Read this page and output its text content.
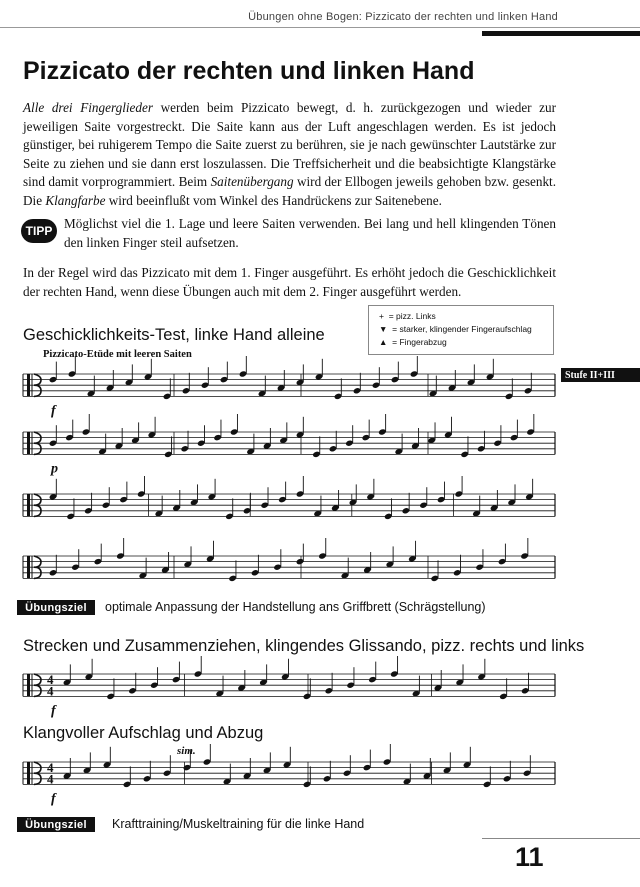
Übungen ohne Bogen: Pizzicato der rechten und linken Hand
Pizzicato der rechten und linken Hand
Alle drei Fingerglieder werden beim Pizzicato bewegt, d. h. zurückgezogen und wieder zur jeweiligen Saite vorgestreckt. Die Saite kann aus der Luft angeschlagen werden. Es ist jedoch günstiger, bei ruhigerem Tempo die Saite zuerst zu berühren, sie je nach gewünschter Lautstärke zur Seite zu ziehen und sie dann erst loszulassen. Die Treffsicherheit und die beabsichtigte Klangstärke sind damit vorprogrammiert. Beim Saitenübergang wird der Ellbogen jeweils gehoben bzw. gesenkt. Die Klangfarbe wird beeinflußt vom Winkel des Handrückens zur Saitenebene.
TIPP Möglichst viel die 1. Lage und leere Saiten verwenden. Bei lang und hell klingenden Tönen den linken Finger steil aufsetzen.
In der Regel wird das Pizzicato mit dem 1. Finger ausgeführt. Es erhöht jedoch die Geschicklichkeit der rechten Hand, wenn diese Übungen auch mit dem 2. Finger ausgeführt werden.
+ = pizz. Links
▼ = starker, klingender Fingeraufschlag
▲ = Fingerabzug
Geschicklichkeits-Test, linke Hand alleine
Pizzicato-Etüde mit leeren Saiten
Stufe II+III
f
p
Übungsziel	optimale Anpassung der Handstellung ans Griffbrett (Schrägstellung)
Strecken und Zusammenziehen, klingendes Glissando, pizz. rechts und links
4
4
f
Klangvoller Aufschlag und Abzug
4
4
f
sim.
Übungsziel	Krafttraining/Muskeltraining für die linke Hand
11
